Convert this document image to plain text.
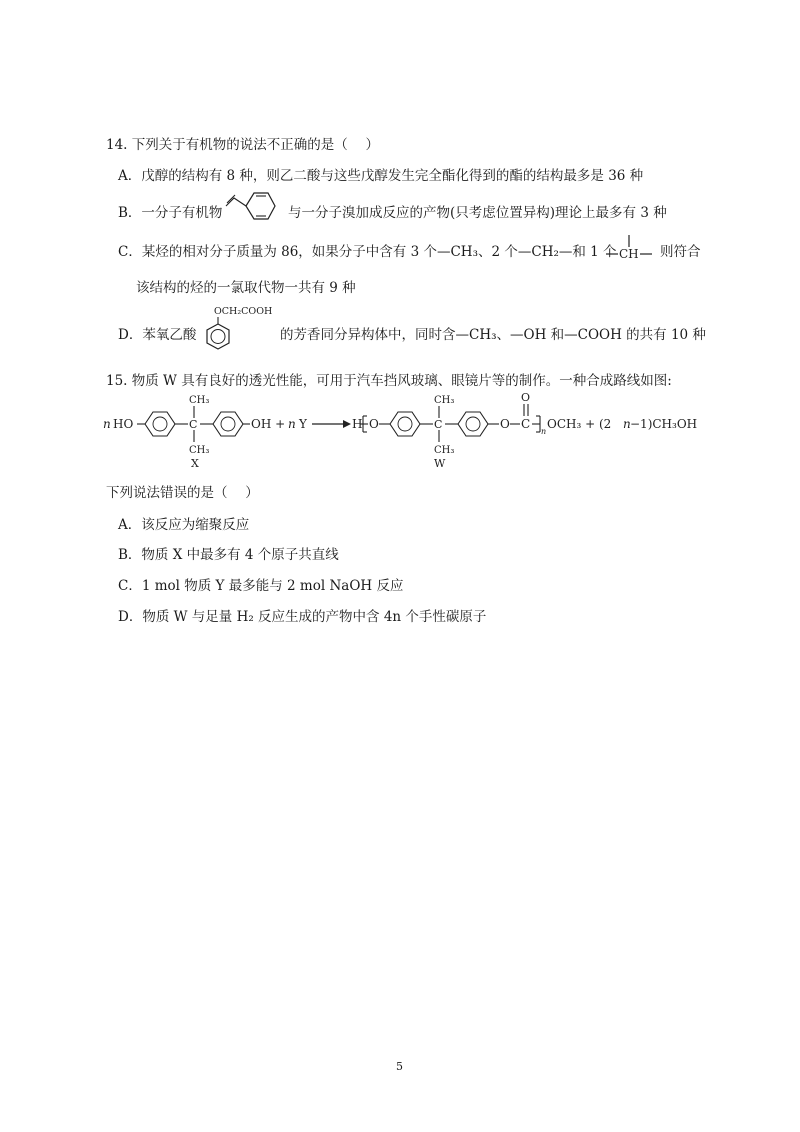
14. 下列关于有机物的说法不正确的是（　 ）
A．戊醇的结构有 8 种，则乙二酸与这些戊醇发生完全酯化得到的酯的结构最多是 36 种
B．一分子有机物	与一分子溴加成反应的产物(只考虑位置异构)理论上最多有 3 种
C．某烃的相对分子质量为 86，如果分子中含有 3 个—CH₃、2 个—CH₂—和 1 个 CH 则符合
该结构的烃的一氯取代物一共有 9 种
D．苯氧乙酸
OCH₂COOH
的芳香同分异构体中，同时含—CH₃、—OH 和—COOH 的共有 10 种
15. 物质 W 具有良好的透光性能，可用于汽车挡风玻璃、眼镜片等的制作。一种合成路线如图:
n HO	C
CH₃
CH₃
X
OH + n Y	H O	C
CH₃
CH₃
W
O C
O
n
OCH₃ + (2 n −1)CH₃OH
下列说法错误的是（　 ）
A．该反应为缩聚反应
B．物质 X 中最多有 4 个原子共直线
C．1 mol 物质 Y 最多能与 2 mol NaOH 反应
D．物质 W 与足量 H₂ 反应生成的产物中含 4n 个手性碳原子
5
